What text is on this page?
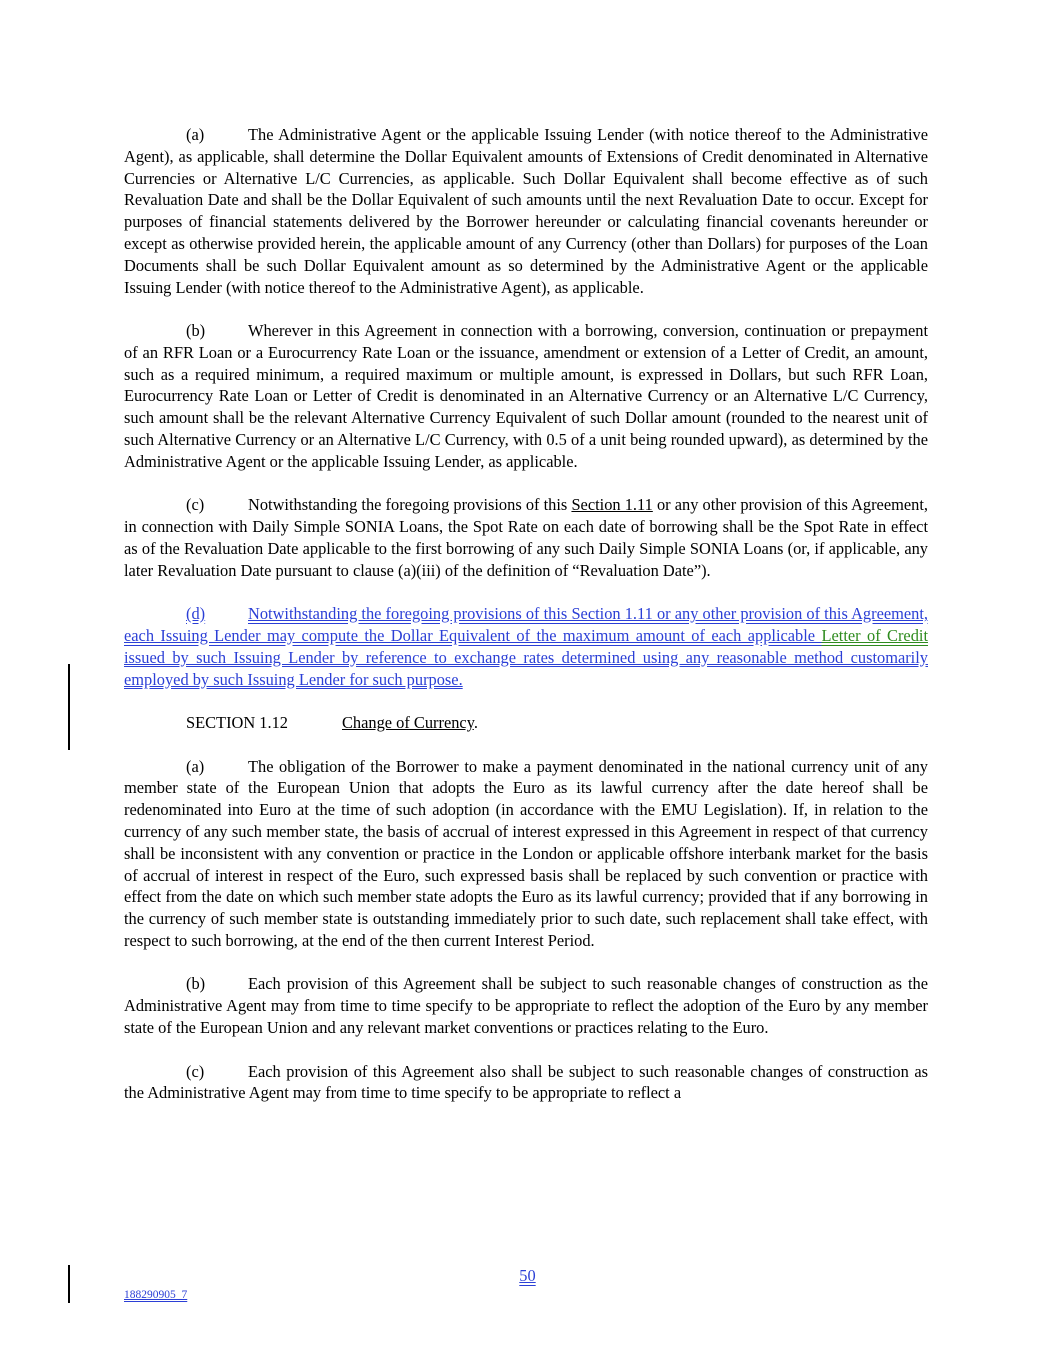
(a)	The Administrative Agent or the applicable Issuing Lender (with notice thereof to the Administrative Agent), as applicable, shall determine the Dollar Equivalent amounts of Extensions of Credit denominated in Alternative Currencies or Alternative L/C Currencies, as applicable. Such Dollar Equivalent shall become effective as of such Revaluation Date and shall be the Dollar Equivalent of such amounts until the next Revaluation Date to occur. Except for purposes of financial statements delivered by the Borrower hereunder or calculating financial covenants hereunder or except as otherwise provided herein, the applicable amount of any Currency (other than Dollars) for purposes of the Loan Documents shall be such Dollar Equivalent amount as so determined by the Administrative Agent or the applicable Issuing Lender (with notice thereof to the Administrative Agent), as applicable.

(b)	Wherever in this Agreement in connection with a borrowing, conversion, continuation or prepayment of an RFR Loan or a Eurocurrency Rate Loan or the issuance, amendment or extension of a Letter of Credit, an amount, such as a required minimum, a required maximum or multiple amount, is expressed in Dollars, but such RFR Loan, Eurocurrency Rate Loan or Letter of Credit is denominated in an Alternative Currency or an Alternative L/C Currency, such amount shall be the relevant Alternative Currency Equivalent of such Dollar amount (rounded to the nearest unit of such Alternative Currency or an Alternative L/C Currency, with 0.5 of a unit being rounded upward), as determined by the Administrative Agent or the applicable Issuing Lender, as applicable.

(c)	Notwithstanding the foregoing provisions of this Section 1.11 or any other provision of this Agreement, in connection with Daily Simple SONIA Loans, the Spot Rate on each date of borrowing shall be the Spot Rate in effect as of the Revaluation Date applicable to the first borrowing of any such Daily Simple SONIA Loans (or, if applicable, any later Revaluation Date pursuant to clause (a)(iii) of the definition of “Revaluation Date”).

(d)	Notwithstanding the foregoing provisions of this Section 1.11 or any other provision of this Agreement, each Issuing Lender may compute the Dollar Equivalent of the maximum amount of each applicable Letter of Credit issued by such Issuing Lender by reference to exchange rates determined using any reasonable method customarily employed by such Issuing Lender for such purpose.

SECTION 1.12	Change of Currency.

(a)	The obligation of the Borrower to make a payment denominated in the national currency unit of any member state of the European Union that adopts the Euro as its lawful currency after the date hereof shall be redenominated into Euro at the time of such adoption (in accordance with the EMU Legislation). If, in relation to the currency of any such member state, the basis of accrual of interest expressed in this Agreement in respect of that currency shall be inconsistent with any convention or practice in the London or applicable offshore interbank market for the basis of accrual of interest in respect of the Euro, such expressed basis shall be replaced by such convention or practice with effect from the date on which such member state adopts the Euro as its lawful currency; provided that if any borrowing in the currency of such member state is outstanding immediately prior to such date, such replacement shall take effect, with respect to such borrowing, at the end of the then current Interest Period.

(b)	Each provision of this Agreement shall be subject to such reasonable changes of construction as the Administrative Agent may from time to time specify to be appropriate to reflect the adoption of the Euro by any member state of the European Union and any relevant market conventions or practices relating to the Euro.

(c)	Each provision of this Agreement also shall be subject to such reasonable changes of construction as the Administrative Agent may from time to time specify to be appropriate to reflect a

50
188290905_7
